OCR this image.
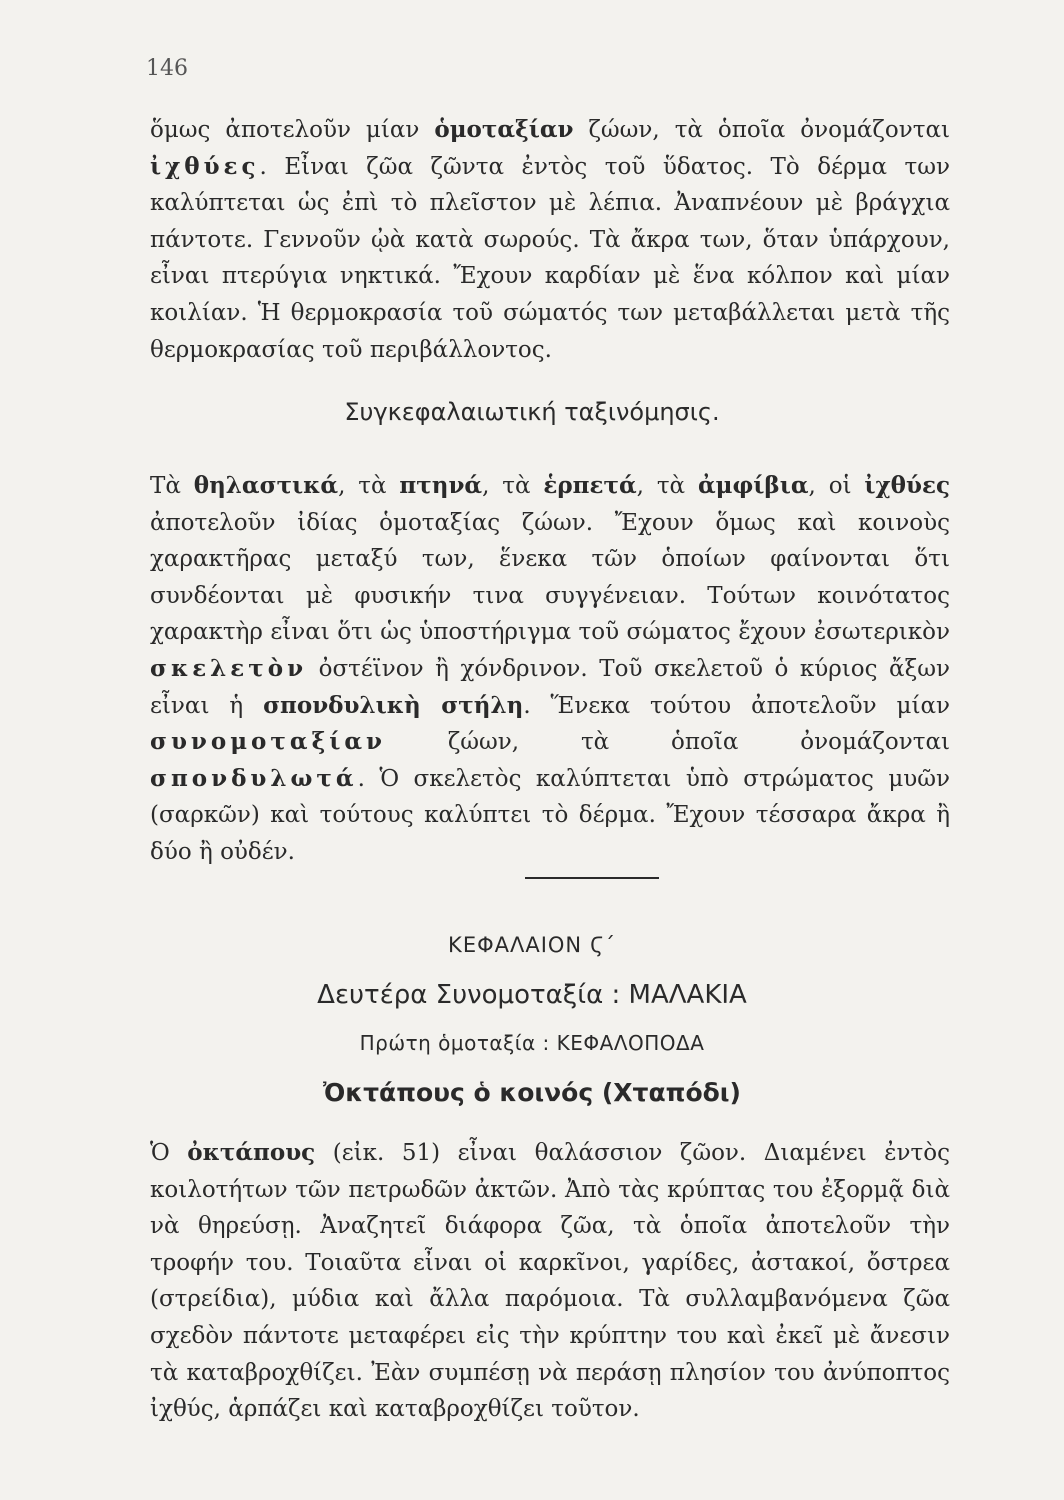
146

ὅμως ἀποτελοῦν μίαν ὁμοταξίαν ζώων, τὰ ὁποῖα ὀνομάζονται ἰχθύες. Εἶναι ζῶα ζῶντα ἐντὸς τοῦ ὕδατος. Τὸ δέρμα των καλύπτεται ὡς ἐπὶ τὸ πλεῖστον μὲ λέπια. Ἀναπνέουν μὲ βράγχια πάντοτε. Γεννοῦν ᾠὰ κατὰ σωρούς. Τὰ ἄκρα των, ὅταν ὑπάρχουν, εἶναι πτερύγια νηκτικά. Ἔχουν καρδίαν μὲ ἕνα κόλπον καὶ μίαν κοιλίαν. Ἡ θερμοκρασία τοῦ σώματός των μεταβάλλεται μετὰ τῆς θερμοκρασίας τοῦ περιβάλλοντος.

Συγκεφαλαιωτική ταξινόμησις.

Τὰ θηλαστικά, τὰ πτηνά, τὰ ἑρπετά, τὰ ἀμφίβια, οἱ ἰχθύες ἀποτελοῦν ἰδίας ὁμοταξίας ζώων. Ἔχουν ὅμως καὶ κοινοὺς χαρακτῆρας μεταξύ των, ἕνεκα τῶν ὁποίων φαίνονται ὅτι συνδέονται μὲ φυσικήν τινα συγγένειαν. Τούτων κοινότατος χαρακτὴρ εἶναι ὅτι ὡς ὑποστήριγμα τοῦ σώματος ἔχουν ἐσωτερικὸν σκελετὸν ὀστέϊνον ἢ χόνδρινον. Τοῦ σκελετοῦ ὁ κύριος ἄξων εἶναι ἡ σπονδυλικὴ στήλη. Ἕνεκα τούτου ἀποτελοῦν μίαν συνομοταξίαν ζώων, τὰ ὁποῖα ὀνομάζονται σπονδυλωτά. Ὁ σκελετὸς καλύπτεται ὑπὸ στρώματος μυῶν (σαρκῶν) καὶ τούτους καλύπτει τὸ δέρμα. Ἔχουν τέσσαρα ἄκρα ἢ δύο ἢ οὐδέν.

ΚΕΦΑΛΑΙΟΝ Ϛ΄
Δευτέρα Συνομοταξία : ΜΑΛΑΚΙΑ
Πρώτη ὁμοταξία : ΚΕΦΑΛΟΠΟΔΑ
Ὀκτάπους ὁ κοινός (Χταπόδι)

Ὁ ὀκτάπους (εἰκ. 51) εἶναι θαλάσσιον ζῶον. Διαμένει ἐντὸς κοιλοτήτων τῶν πετρωδῶν ἀκτῶν. Ἀπὸ τὰς κρύπτας του ἐξορμᾷ διὰ νὰ θηρεύσῃ. Ἀναζητεῖ διάφορα ζῶα, τὰ ὁποῖα ἀποτελοῦν τὴν τροφήν του. Τοιαῦτα εἶναι οἱ καρκῖνοι, γαρίδες, ἀστακοί, ὄστρεα (στρείδια), μύδια καὶ ἄλλα παρόμοια. Τὰ συλλαμβανόμενα ζῶα σχεδὸν πάντοτε μεταφέρει εἰς τὴν κρύπτην του καὶ ἐκεῖ μὲ ἄνεσιν τὰ καταβροχθίζει. Ἐὰν συμπέσῃ νὰ περάσῃ πλησίον του ἀνύποπτος ἰχθύς, ἁρπάζει καὶ καταβροχθίζει τοῦτον.
